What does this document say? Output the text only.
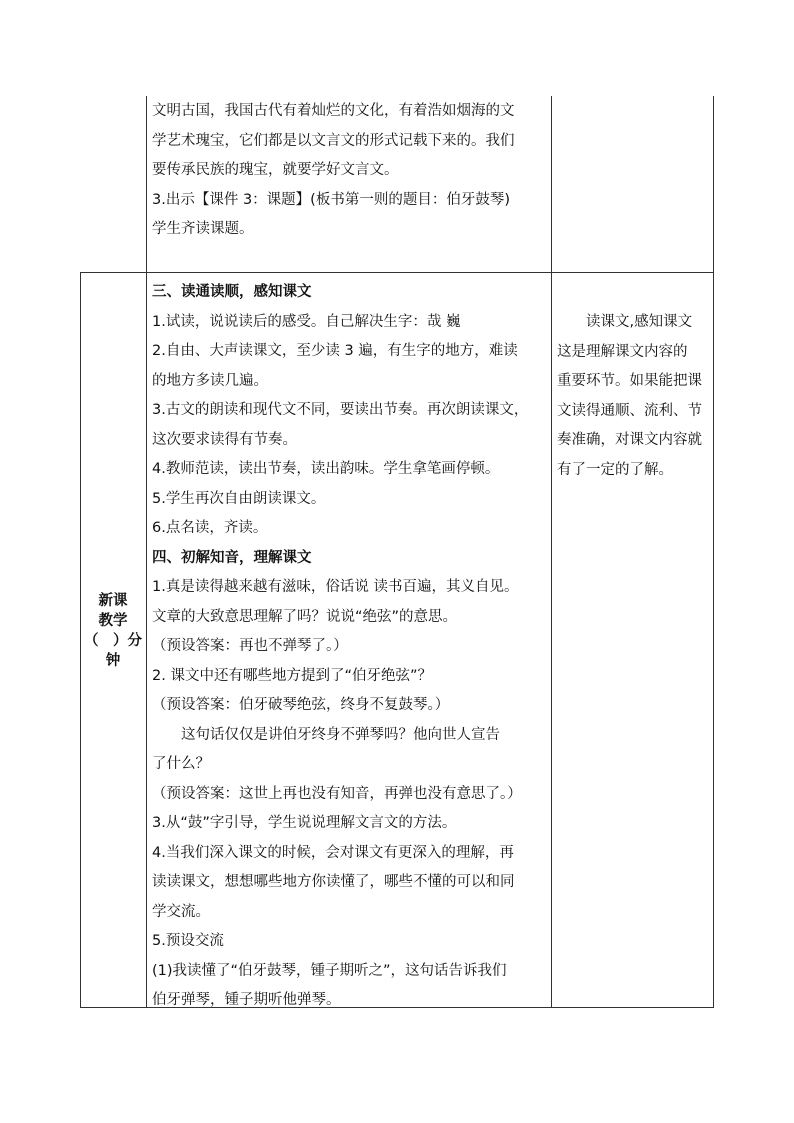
文明古国，我国古代有着灿烂的文化，有着浩如烟海的文
学艺术瑰宝，它们都是以文言文的形式记载下来的。我们
要传承民族的瑰宝，就要学好文言文。
3.出示【课件 3：课题】(板书第一则的题目：伯牙鼓琴)
学生齐读课题。
新课
教学
（　）分
钟
三、读通读顺，感知课文
1.试读，说说读后的感受。自己解决生字：哉 巍
2.自由、大声读课文，至少读 3 遍，有生字的地方，难读
的地方多读几遍。
3.古文的朗读和现代文不同，要读出节奏。再次朗读课文，
这次要求读得有节奏。
4.教师范读，读出节奏，读出韵味。学生拿笔画停顿。
5.学生再次自由朗读课文。
6.点名读，齐读。
四、初解知音，理解课文
1.真是读得越来越有滋味，俗话说 读书百遍，其义自见。
文章的大致意思理解了吗？说说“绝弦”的意思。
（预设答案：再也不弹琴了。）
2. 课文中还有哪些地方提到了“伯牙绝弦”？
（预设答案：伯牙破琴绝弦，终身不复鼓琴。）
　　这句话仅仅是讲伯牙终身不弹琴吗？他向世人宣告
了什么？
（预设答案：这世上再也没有知音，再弹也没有意思了。）
3.从“鼓”字引导，学生说说理解文言文的方法。
4.当我们深入课文的时候，会对课文有更深入的理解，再
读读课文，想想哪些地方你读懂了，哪些不懂的可以和同
学交流。
5.预设交流
(1)我读懂了“伯牙鼓琴，锺子期听之”，这句话告诉我们
伯牙弹琴，锺子期听他弹琴。
　　读课文,感知课文
这是理解课文内容的
重要环节。如果能把课
文读得通顺、流利、节
奏准确，对课文内容就
有了一定的了解。
